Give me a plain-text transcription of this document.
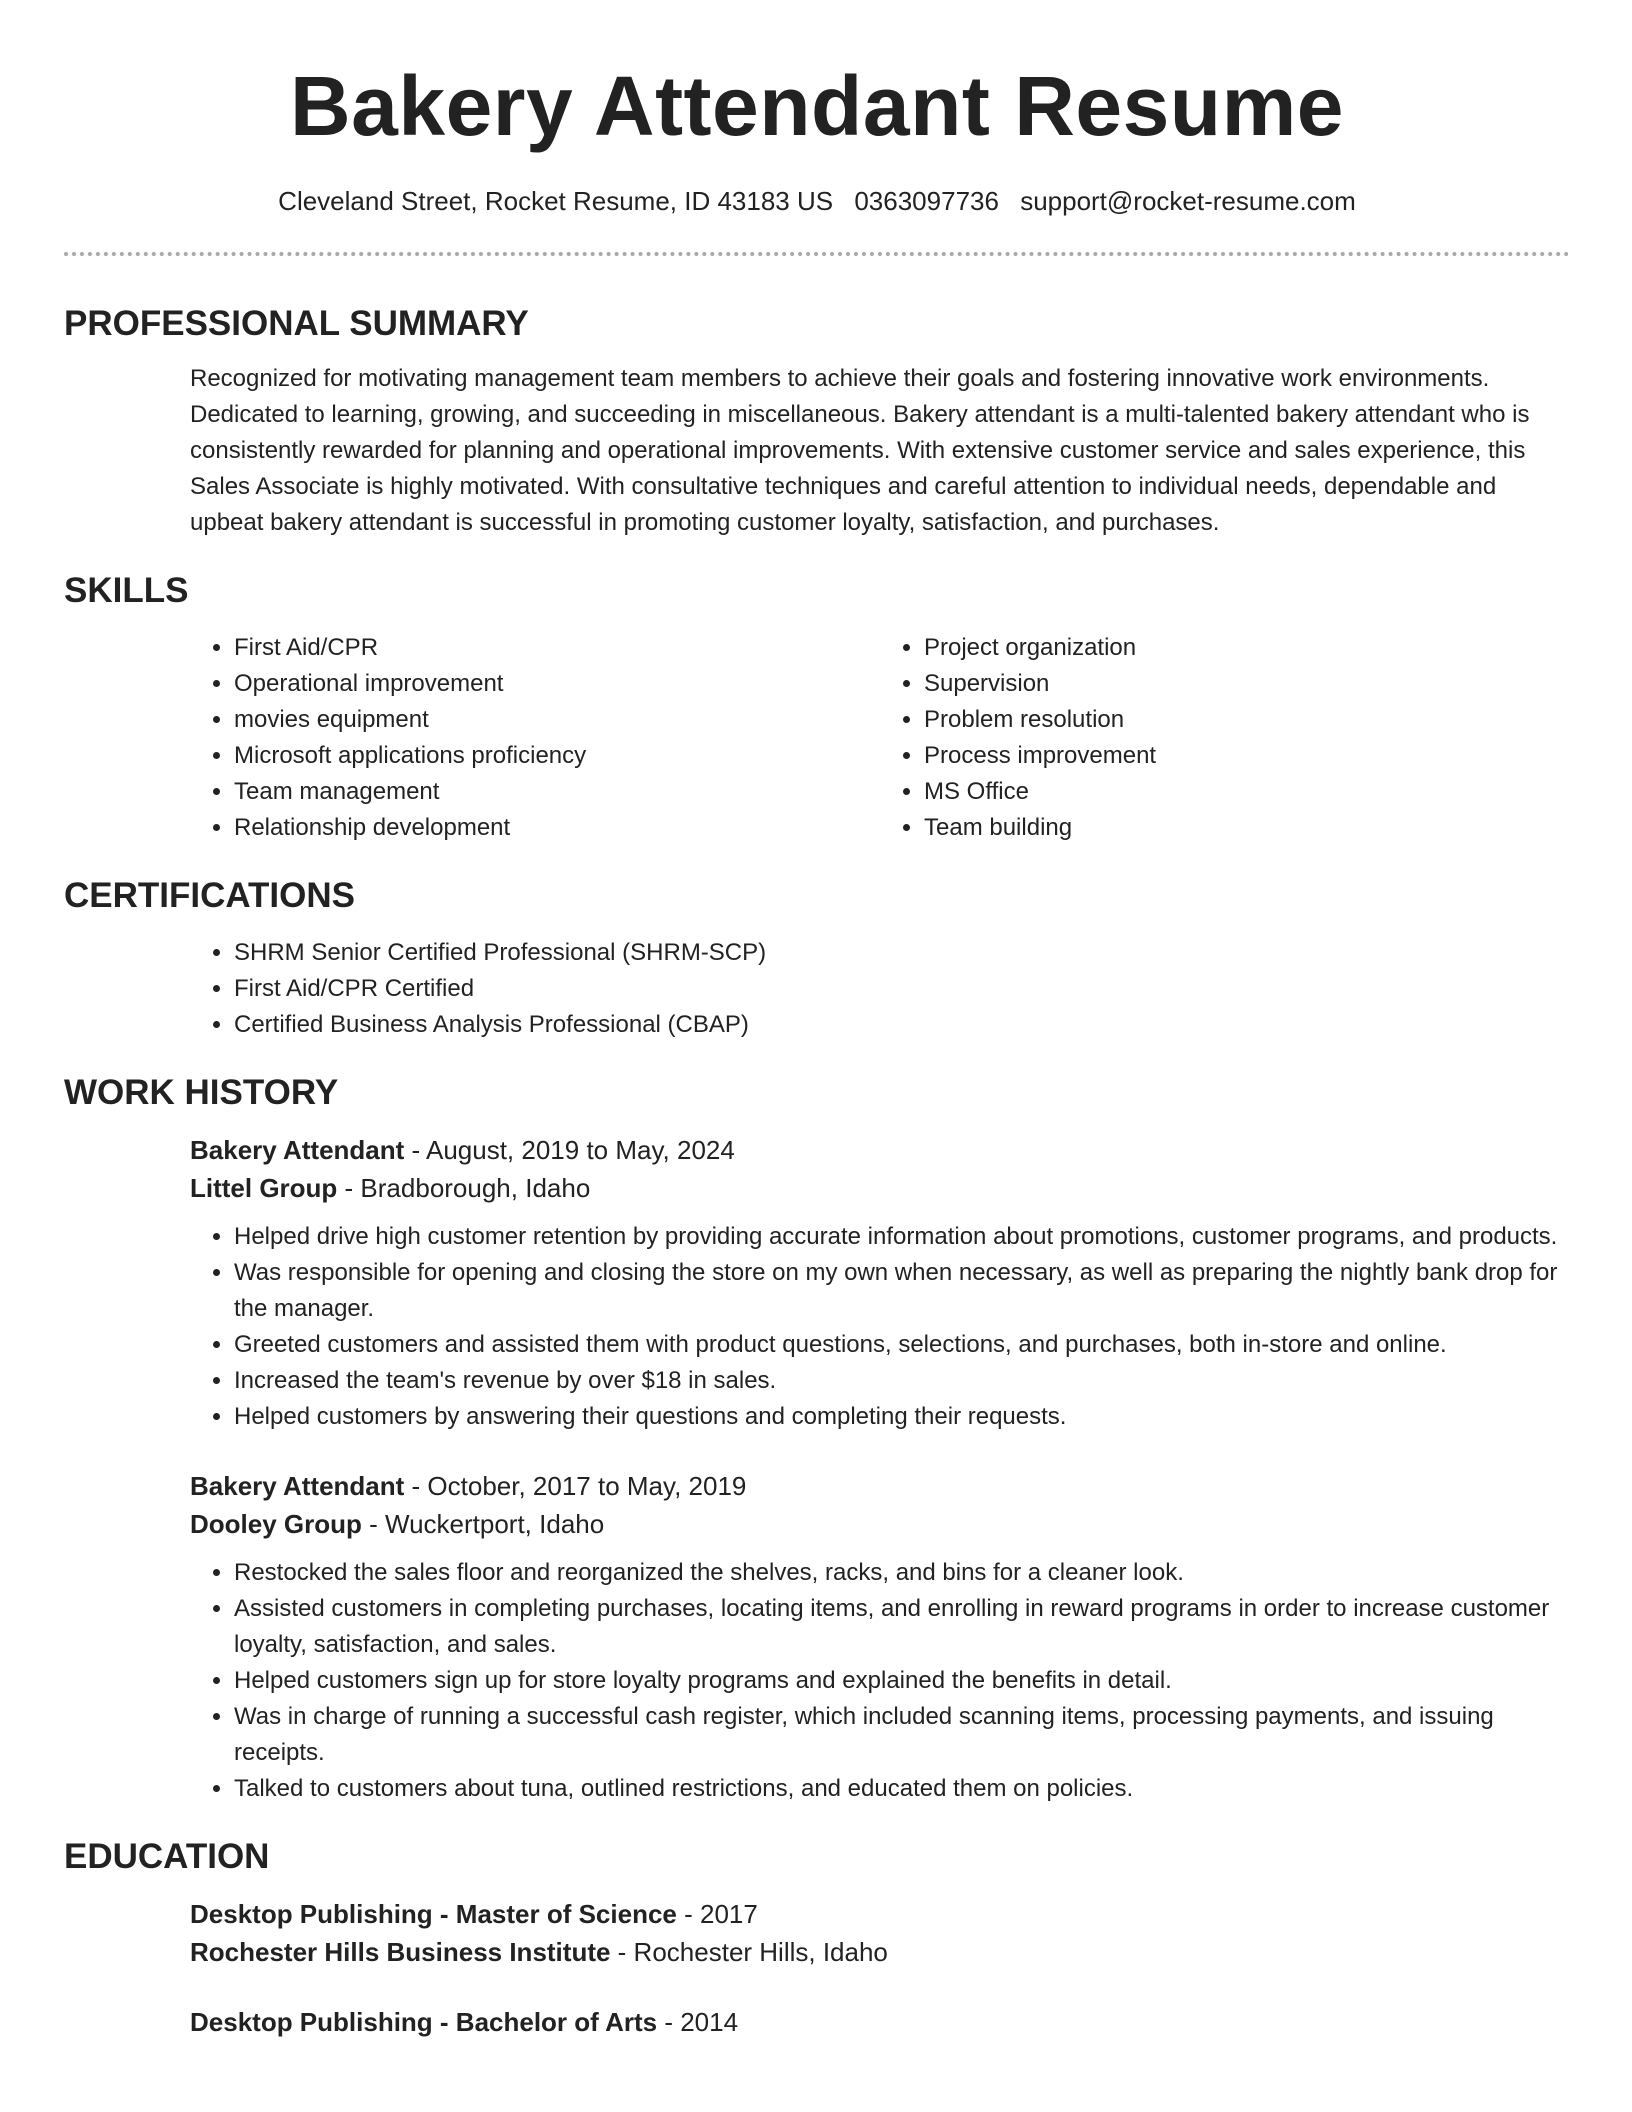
Bakery Attendant Resume
Cleveland Street, Rocket Resume, ID 43183 US 0363097736 support@rocket-resume.com
PROFESSIONAL SUMMARY

Recognized for motivating management team members to achieve their goals and fostering innovative work environments. Dedicated to learning, growing, and succeeding in miscellaneous. Bakery attendant is a multi-talented bakery attendant who is consistently rewarded for planning and operational improvements. With extensive customer service and sales experience, this Sales Associate is highly motivated. With consultative techniques and careful attention to individual needs, dependable and upbeat bakery attendant is successful in promoting customer loyalty, satisfaction, and purchases.

SKILLS
• First Aid/CPR
• Operational improvement
• movies equipment
• Microsoft applications proficiency
• Team management
• Relationship development
• Project organization
• Supervision
• Problem resolution
• Process improvement
• MS Office
• Team building
CERTIFICATIONS
• SHRM Senior Certified Professional (SHRM-SCP)
• First Aid/CPR Certified
• Certified Business Analysis Professional (CBAP)
WORK HISTORY

Bakery Attendant - August, 2019 to May, 2024

Littel Group - Bradborough, Idaho

• Helped drive high customer retention by providing accurate information about promotions, customer programs, and products.
• Was responsible for opening and closing the store on my own when necessary, as well as preparing the nightly bank drop for the manager.
• Greeted customers and assisted them with product questions, selections, and purchases, both in-store and online.
• Increased the team's revenue by over $18 in sales.
• Helped customers by answering their questions and completing their requests.

Bakery Attendant - October, 2017 to May, 2019

Dooley Group - Wuckertport, Idaho

• Restocked the sales floor and reorganized the shelves, racks, and bins for a cleaner look.
• Assisted customers in completing purchases, locating items, and enrolling in reward programs in order to increase customer loyalty, satisfaction, and sales.
• Helped customers sign up for store loyalty programs and explained the benefits in detail.
• Was in charge of running a successful cash register, which included scanning items, processing payments, and issuing receipts.
• Talked to customers about tuna, outlined restrictions, and educated them on policies.
EDUCATION

Desktop Publishing - Master of Science - 2017

Rochester Hills Business Institute - Rochester Hills, Idaho

Desktop Publishing - Bachelor of Arts - 2014
